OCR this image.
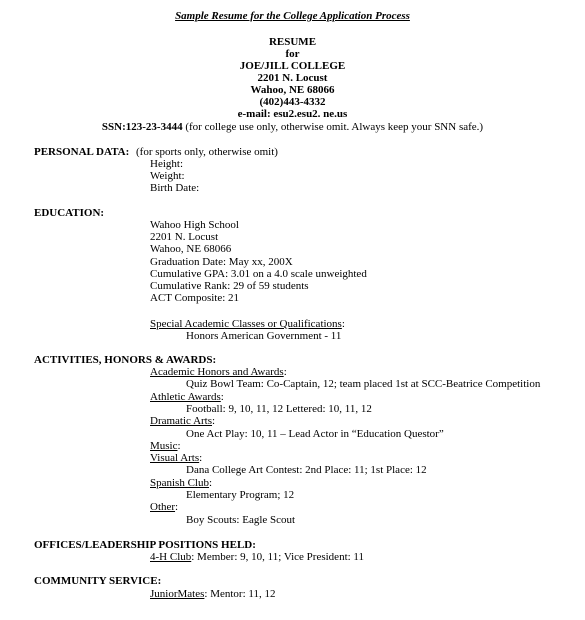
Sample Resume for the College Application Process
RESUME
for
JOE/JILL COLLEGE
2201 N. Locust
Wahoo, NE 68066
(402)443-4332
e-mail: esu2.esu2. ne.us
SSN:123-23-3444 (for college use only, otherwise omit. Always keep your SNN safe.)
PERSONAL DATA: (for sports only, otherwise omit)
Height:
Weight:
Birth Date:
EDUCATION:
Wahoo High School
2201 N. Locust
Wahoo, NE 68066
Graduation Date: May xx, 200X
Cumulative GPA: 3.01 on a 4.0 scale unweighted
Cumulative Rank: 29 of 59 students
ACT Composite: 21
Special Academic Classes or Qualifications:
Honors American Government - 11
ACTIVITIES, HONORS & AWARDS:
Academic Honors and Awards:
Quiz Bowl Team: Co-Captain, 12; team placed 1st at SCC-Beatrice Competition
Athletic Awards:
Football: 9, 10, 11, 12 Lettered: 10, 11, 12
Dramatic Arts:
One Act Play: 10, 11 – Lead Actor in “Education Questor”
Music:
Visual Arts:
Dana College Art Contest: 2nd Place: 11; 1st Place: 12
Spanish Club:
Elementary Program; 12
Other:
Boy Scouts: Eagle Scout
OFFICES/LEADERSHIP POSITIONS HELD:
4-H Club: Member: 9, 10, 11; Vice President: 11
COMMUNITY SERVICE:
JuniorMates: Mentor: 11, 12
